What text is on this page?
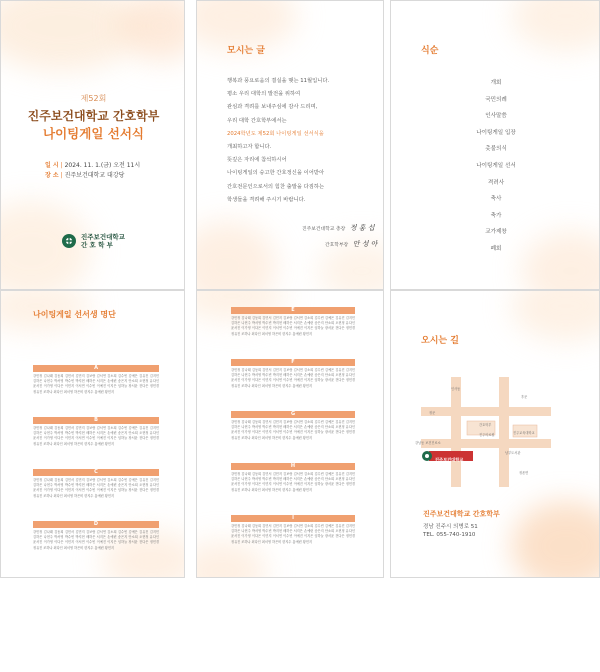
제52회
진주보건대학교 간호학부
나이팅게일 선서식
일 시 | 2024. 11. 1.(금) 오전 11시
장 소 | 진주보건대학교 대강당
진주보건대학교
간 호 학 부
모시는 글
행복과 풍요로움의 결실을 맺는 11월입니다.
평소 우리 대학의 발전을 위하여
관심과 격려를 보내주심에 감사 드리며,
우리 대학 간호학부에서는
2024학년도 제52회 나이팅게일 선서식을
개최하고자 합니다.
뜻깊은 자리에 참석하시어
나이팅게일의 숭고한 간호정신을 이어받아
간호전문인으로서의 힘찬 출발을 다짐하는
학생들을 격려해 주시기 바랍니다.
진주보건대학교 총장 정 홍 섭
간호학부장 안 성 아
식순
개회
국민의례
인사말씀
나이팅게일 입장
촛불의식
나이팅게일 선서
격려사
축사
축가
교가제창
폐회
나이팅게일 선서생 명단
A
강민정 김나래 김동희 김민서 김민지 김보람 김서연 김소희 김수빈 김예은 김유진 김지민 김하은 나현주 박서영 박수빈 박지현 배하은 서지은 손예린 송은지 안소희 오현정 유다인 윤서진 이가영 이다은 이민지 이서연 이수빈 이예진 이지은 임하늘 장서윤 전다은 정민경 정유진 조하나 최다인 최서영 하은비 한지수 홍예린 황민지
B
강민정 김나래 김동희 김민서 김민지 김보람 김서연 김소희 김수빈 김예은 김유진 김지민 김하은 나현주 박서영 박수빈 박지현 배하은 서지은 손예린 송은지 안소희 오현정 유다인 윤서진 이가영 이다은 이민지 이서연 이수빈 이예진 이지은 임하늘 장서윤 전다은 정민경 정유진 조하나 최다인 최서영 하은비 한지수 홍예린 황민지
C
강민정 김나래 김동희 김민서 김민지 김보람 김서연 김소희 김수빈 김예은 김유진 김지민 김하은 나현주 박서영 박수빈 박지현 배하은 서지은 손예린 송은지 안소희 오현정 유다인 윤서진 이가영 이다은 이민지 이서연 이수빈 이예진 이지은 임하늘 장서윤 전다은 정민경 정유진 조하나 최다인 최서영 하은비 한지수 홍예린 황민지
D
강민정 김나래 김동희 김민서 김민지 김보람 김서연 김소희 김수빈 김예은 김유진 김지민 김하은 나현주 박서영 박수빈 박지현 배하은 서지은 손예린 송은지 안소희 오현정 유다인 윤서진 이가영 이다은 이민지 이서연 이수빈 이예진 이지은 임하늘 장서윤 전다은 정민경 정유진 조하나 최다인 최서영 하은비 한지수 홍예린 황민지
E
강민정 김나래 김동희 김민서 김민지 김보람 김서연 김소희 김수빈 김예은 김유진 김지민 김하은 나현주 박서영 박수빈 박지현 배하은 서지은 손예린 송은지 안소희 오현정 유다인 윤서진 이가영 이다은 이민지 이서연 이수빈 이예진 이지은 임하늘 장서윤 전다은 정민경 정유진 조하나 최다인 최서영 하은비 한지수 홍예린 황민지
F
강민정 김나래 김동희 김민서 김민지 김보람 김서연 김소희 김수빈 김예은 김유진 김지민 김하은 나현주 박서영 박수빈 박지현 배하은 서지은 손예린 송은지 안소희 오현정 유다인 윤서진 이가영 이다은 이민지 이서연 이수빈 이예진 이지은 임하늘 장서윤 전다은 정민경 정유진 조하나 최다인 최서영 하은비 한지수 홍예린 황민지
G
강민정 김나래 김동희 김민서 김민지 김보람 김서연 김소희 김수빈 김예은 김유진 김지민 김하은 나현주 박서영 박수빈 박지현 배하은 서지은 손예린 송은지 안소희 오현정 유다인 윤서진 이가영 이다은 이민지 이서연 이수빈 이예진 이지은 임하늘 장서윤 전다은 정민경 정유진 조하나 최다인 최서영 하은비 한지수 홍예린 황민지
H
강민정 김나래 김동희 김민서 김민지 김보람 김서연 김소희 김수빈 김예은 김유진 김지민 김하은 나현주 박서영 박수빈 박지현 배하은 서지은 손예린 송은지 안소희 오현정 유다인 윤서진 이가영 이다은 이민지 이서연 이수빈 이예진 이지은 임하늘 장서윤 전다은 정민경 정유진 조하나 최다인 최서영 하은비 한지수 홍예린 황민지
I
강민정 김나래 김동희 김민서 김민지 김보람 김서연 김소희 김수빈 김예은 김유진 김지민 김하은 나현주 박서영 박수빈 박지현 배하은 서지은 손예린 송은지 안소희 오현정 유다인 윤서진 이가영 이다은 이민지 이서연 이수빈 이예진 이지은 임하늘 장서윤 전다은 정민경 정유진 조하나 최다인 최서영 하은비 한지수 홍예린 황민지
오시는 길
진주보건대학교
간호학부
정문
후문
인사동
정촌면
진주의료원
강남동 보건진료소
진주교육대학교
남부도서관
진주보건대학교 간호학부
경남 진주시 의병로 51
TEL. 055-740-1910
